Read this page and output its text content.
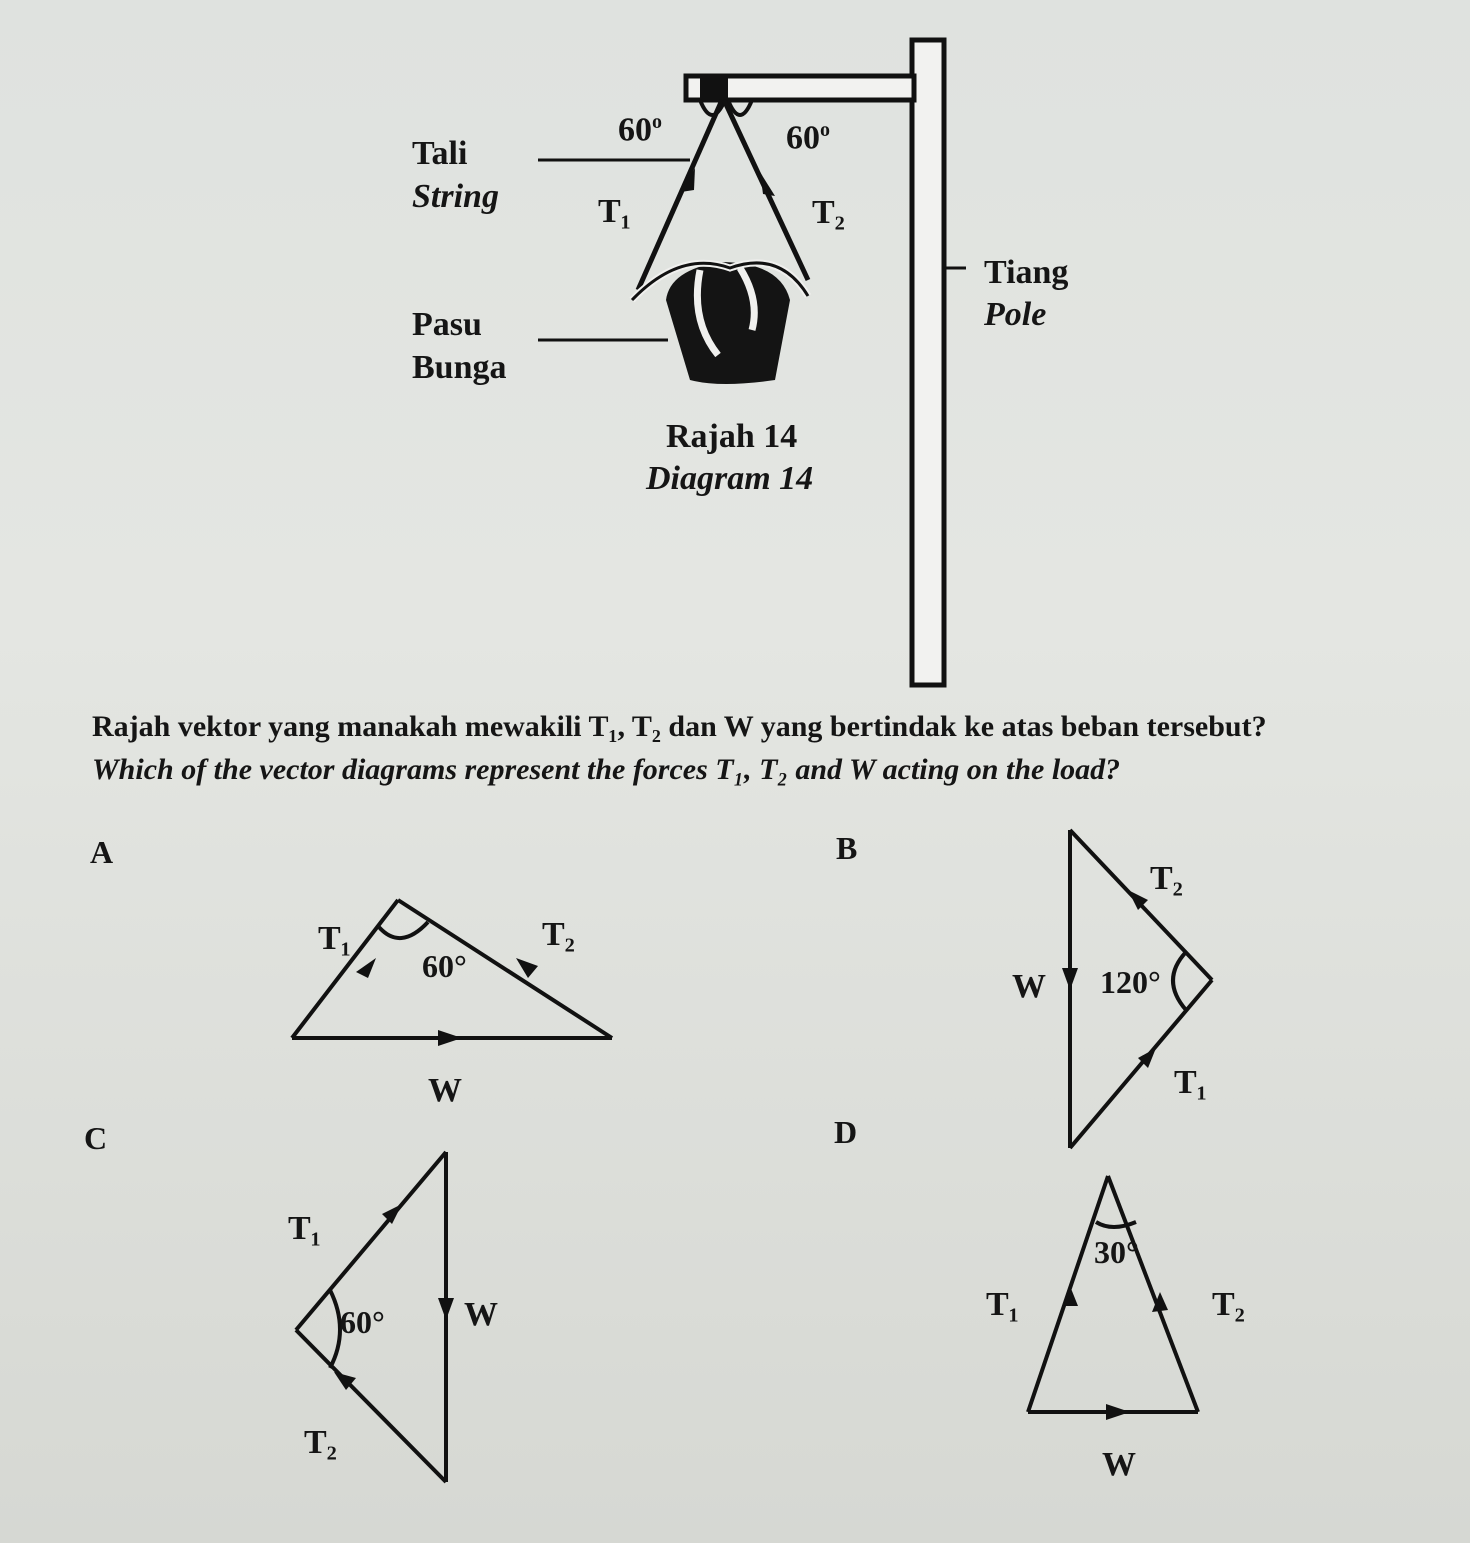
60$^o$	60$^o$
Tali
String	T₁	T₂
Tiang
Pole
Pasu
Bunga
Rajah 14
Diagram 14
Rajah vektor yang manakah mewakili T₁, T₂ dan W yang bertindak ke atas beban tersebut?
Which of the vector diagrams represent the forces T₁, T₂ and W acting on the load?
A
T₁	T₂
60°
W
B
T₂
W 120°
T₁
C
T₁
60° W
T₂
D
30°
T₁	T₂
W
